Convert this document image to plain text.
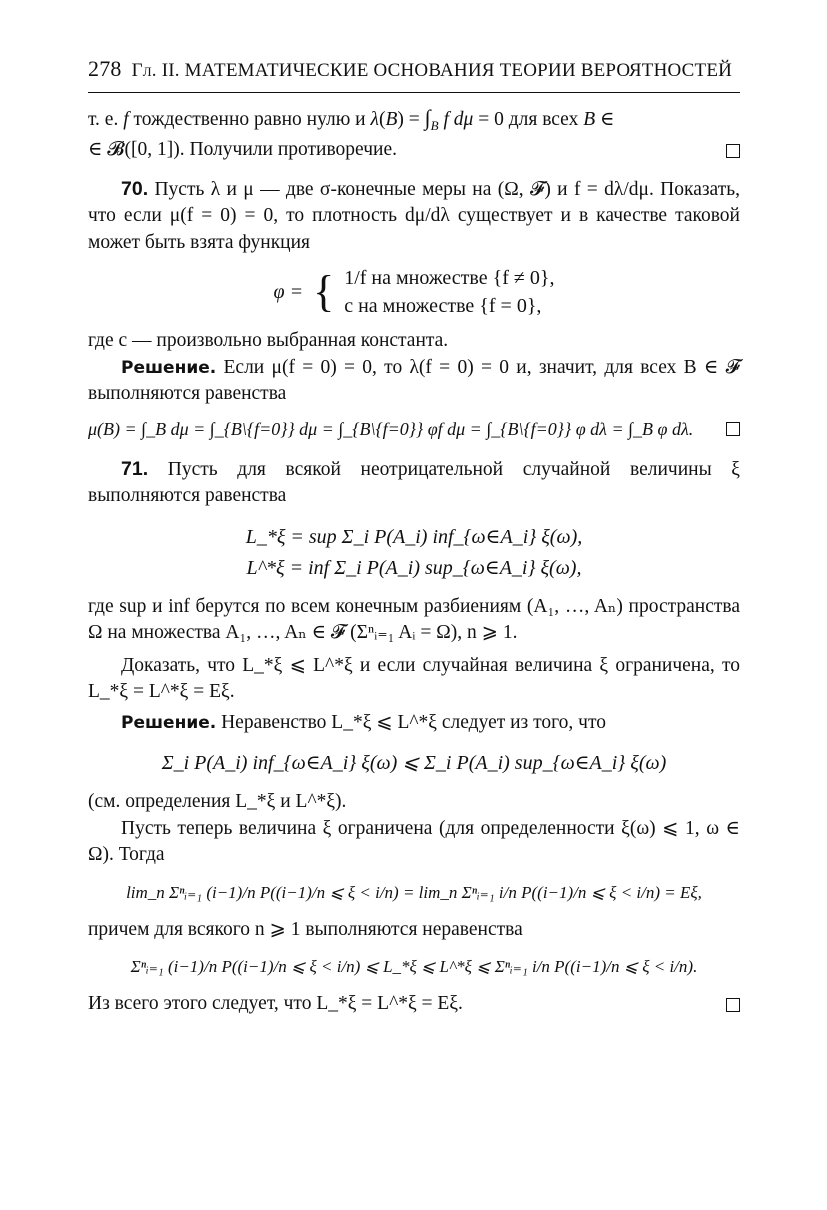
278 Гл. II. МАТЕМАТИЧЕСКИЕ ОСНОВАНИЯ ТЕОРИИ ВЕРОЯТНОСТЕЙ

т. е. f тождественно равно нулю и $\lambda(B) = \int_B$ f dμ = 0 для всех B ∈

∈ 𝓑([0, 1]). Получили противоречие.

70. Пусть λ и μ — две σ-конечные меры на (Ω, 𝓕) и f = dλ/dμ. Показать, что если μ(f = 0) = 0, то плотность dμ/dλ существует и в качестве таковой может быть взята функция

φ = { 1/f на множестве {f ≠ 0},
c на множестве {f = 0},

где c — произвольно выбранная константа.

Решение. Если μ(f = 0) = 0, то λ(f = 0) = 0 и, значит, для всех B ∈ 𝓕 выполняются равенства

μ(B) = ∫_B dμ = ∫_{B\{f=0}} dμ = ∫_{B\{f=0}} φf dμ = ∫_{B\{f=0}} φ dλ = ∫_B φ dλ.

71. Пусть для всякой неотрицательной случайной величины ξ выполняются равенства

L_*ξ = sup Σ_i P(A_i) inf_{ω∈A_i} ξ(ω),
L^*ξ = inf Σ_i P(A_i) sup_{ω∈A_i} ξ(ω),

где sup и inf берутся по всем конечным разбиениям (A₁, …, Aₙ) пространства Ω на множества A₁, …, Aₙ ∈ 𝓕 (Σⁿᵢ₌₁ Aᵢ = Ω), n ⩾ 1.

Доказать, что L_*ξ ⩽ L^*ξ и если случайная величина ξ ограничена, то L_*ξ = L^*ξ = Eξ.

Решение. Неравенство L_*ξ ⩽ L^*ξ следует из того, что

Σ_i P(A_i) inf_{ω∈A_i} ξ(ω) ⩽ Σ_i P(A_i) sup_{ω∈A_i} ξ(ω)

(см. определения L_*ξ и L^*ξ).

Пусть теперь величина ξ ограничена (для определенности ξ(ω) ⩽ 1, ω ∈ Ω). Тогда

lim_n Σⁿᵢ₌₁ (i−1)/n P((i−1)/n ⩽ ξ < i/n) = lim_n Σⁿᵢ₌₁ i/n P((i−1)/n ⩽ ξ < i/n) = Eξ,

причем для всякого n ⩾ 1 выполняются неравенства

Σⁿᵢ₌₁ (i−1)/n P((i−1)/n ⩽ ξ < i/n) ⩽ L_*ξ ⩽ L^*ξ ⩽ Σⁿᵢ₌₁ i/n P((i−1)/n ⩽ ξ < i/n).

Из всего этого следует, что L_*ξ = L^*ξ = Eξ.
